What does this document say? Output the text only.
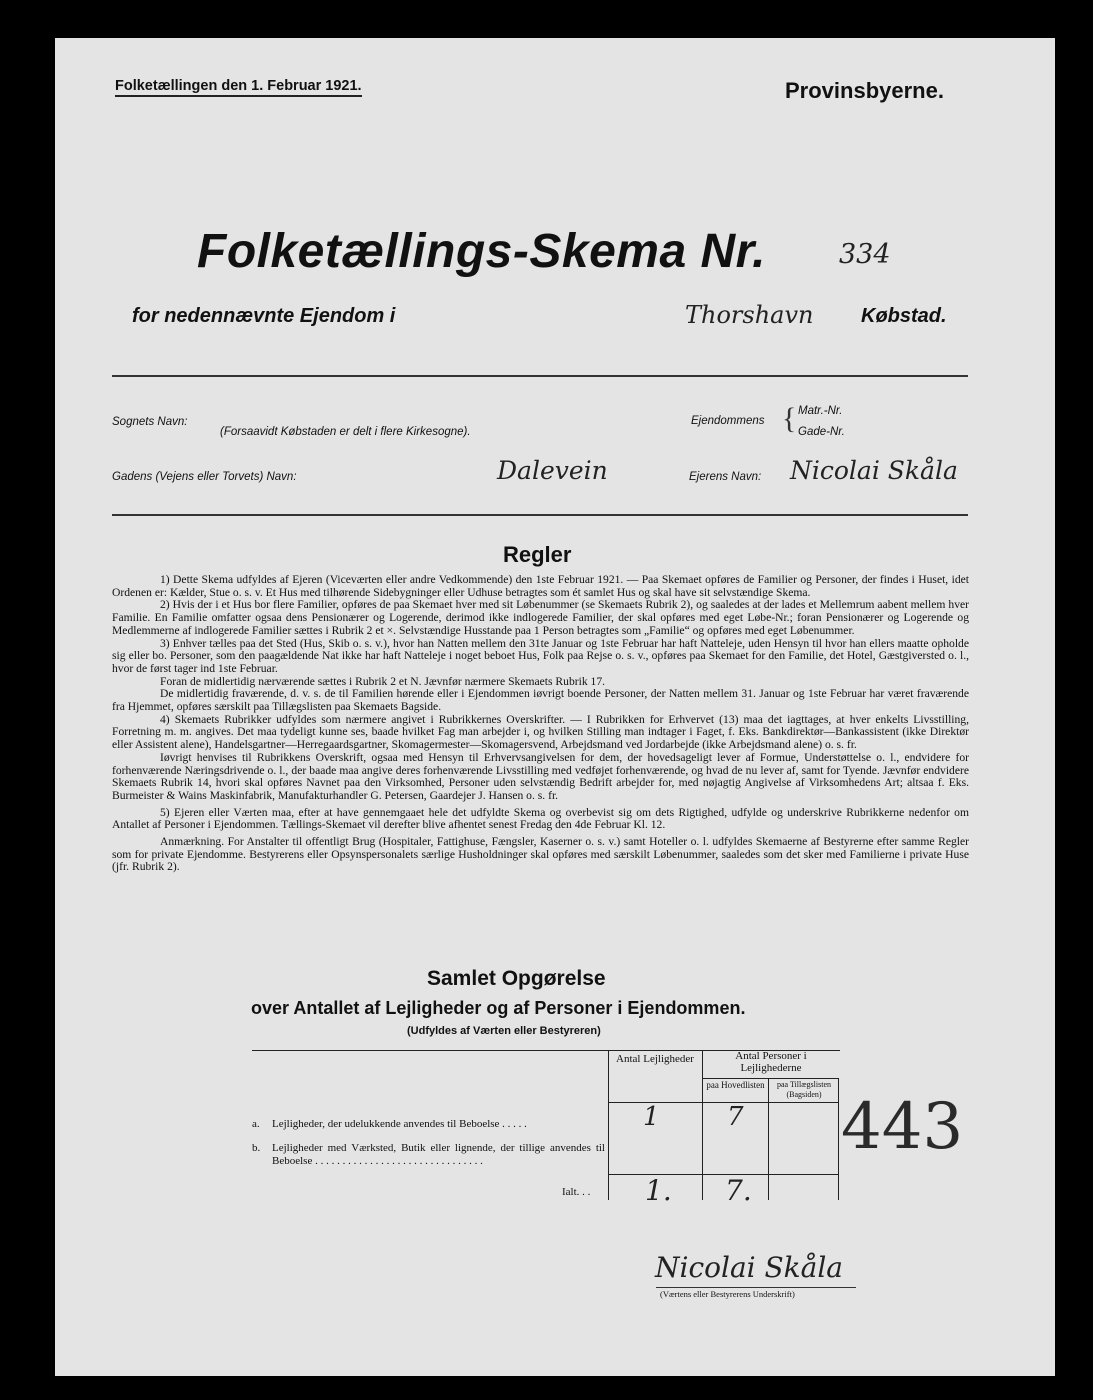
Folketællingen den 1. Februar 1921.	Provinsbyerne.
Folketællings-Skema Nr.	334
for nedennævnte Ejendom i	Thorshavn Købstad.
Sognets Navn:
(Forsaavidt Købstaden er delt i flere Kirkesogne).
Ejendommens { Matr.-Nr.
Gade-Nr.
Gadens (Vejens eller Torvets) Navn:	Dalevein	Ejerens Navn: Nicolai Skåla
Regler

1) Dette Skema udfyldes af Ejeren (Viceværten eller andre Vedkommende) den 1ste Februar 1921. — Paa Skemaet opføres de Familier og Personer, der findes i Huset, idet Ordenen er: Kælder, Stue o. s. v. Et Hus med tilhørende Sidebygninger eller Udhuse betragtes som ét samlet Hus og skal have sit selvstændige Skema.

2) Hvis der i et Hus bor flere Familier, opføres de paa Skemaet hver med sit Løbenummer (se Skemaets Rubrik 2), og saaledes at der lades et Mellemrum aabent mellem hver Familie. En Familie omfatter ogsaa dens Pensionærer og Logerende, derimod ikke indlogerede Familier, der skal opføres med eget Løbe-Nr.; foran Pensionærer og Logerende og Medlemmerne af indlogerede Familier sættes i Rubrik 2 et ×. Selvstændige Husstande paa 1 Person betragtes som „Familie“ og opføres med eget Løbenummer.

3) Enhver tælles paa det Sted (Hus, Skib o. s. v.), hvor han Natten mellem den 31te Januar og 1ste Februar har haft Natteleje, uden Hensyn til hvor han ellers maatte opholde sig eller bo. Personer, som den paagældende Nat ikke har haft Natteleje i noget beboet Hus, Folk paa Rejse o. s. v., opføres paa Skemaet for den Familie, det Hotel, Gæstgiversted o. l., hvor de først tager ind 1ste Februar.

Foran de midlertidig nærværende sættes i Rubrik 2 et N. Jævnfør nærmere Skemaets Rubrik 17.

De midlertidig fraværende, d. v. s. de til Familien hørende eller i Ejendommen iøvrigt boende Personer, der Natten mellem 31. Januar og 1ste Februar har været fraværende fra Hjemmet, opføres særskilt paa Tillægslisten paa Skemaets Bagside.

4) Skemaets Rubrikker udfyldes som nærmere angivet i Rubrikkernes Overskrifter. — I Rubrikken for Erhvervet (13) maa det iagttages, at hver enkelts Livsstilling, Forretning m. m. angives. Det maa tydeligt kunne ses, baade hvilket Fag man arbejder i, og hvilken Stilling man indtager i Faget, f. Eks. Bankdirektør—Bankassistent (ikke Direktør eller Assistent alene), Handelsgartner—Herregaardsgartner, Skomagermester—Skomagersvend, Arbejdsmand ved Jordarbejde (ikke Arbejdsmand alene) o. s. fr.

Iøvrigt henvises til Rubrikkens Overskrift, ogsaa med Hensyn til Erhvervsangivelsen for dem, der hovedsageligt lever af Formue, Understøttelse o. l., endvidere for forhenværende Næringsdrivende o. l., der baade maa angive deres forhenværende Livsstilling med vedføjet forhenværende, og hvad de nu lever af, samt for Tyende. Jævnfør endvidere Skemaets Rubrik 14, hvori skal opføres Navnet paa den Virksomhed, Personer uden selvstændig Bedrift arbejder for, med nøjagtig Angivelse af Virksomhedens Art; altsaa f. Eks. Burmeister & Wains Maskinfabrik, Manufakturhandler G. Petersen, Gaardejer J. Hansen o. s. fr.

5) Ejeren eller Værten maa, efter at have gennemgaaet hele det udfyldte Skema og overbevist sig om dets Rigtighed, udfylde og underskrive Rubrikkerne nedenfor om Antallet af Personer i Ejendommen. Tællings-Skemaet vil derefter blive afhentet senest Fredag den 4de Februar Kl. 12.

Anmærkning. For Anstalter til offentligt Brug (Hospitaler, Fattighuse, Fængsler, Kaserner o. s. v.) samt Hoteller o. l. udfyldes Skemaerne af Bestyrerne efter samme Regler som for private Ejendomme. Bestyrerens eller Opsynspersonalets særlige Husholdninger skal opføres med særskilt Løbenummer, saaledes som det sker med Familierne i private Huse (jfr. Rubrik 2).

Samlet Opgørelse
over Antallet af Lejligheder og af Personer i Ejendommen.
(Udfyldes af Værten eller Bestyreren)
Antal Lejligheder	Antal Personer i Lejlighederne
paa Hovedlisten	paa Tillægslisten (Bagsiden)
a. Lejligheder, der udelukkende anvendes til Beboelse . . . . .	1	7
b. Lejligheder med Værksted, Butik eller lignende, der tillige anvendes til Beboelse . . . . . . . . . . . . . . . . . . . . . . . . . . . . . . .
Ialt. . . 1. 7.
443
Nicolai Skåla
(Værtens eller Bestyrerens Underskrift)
